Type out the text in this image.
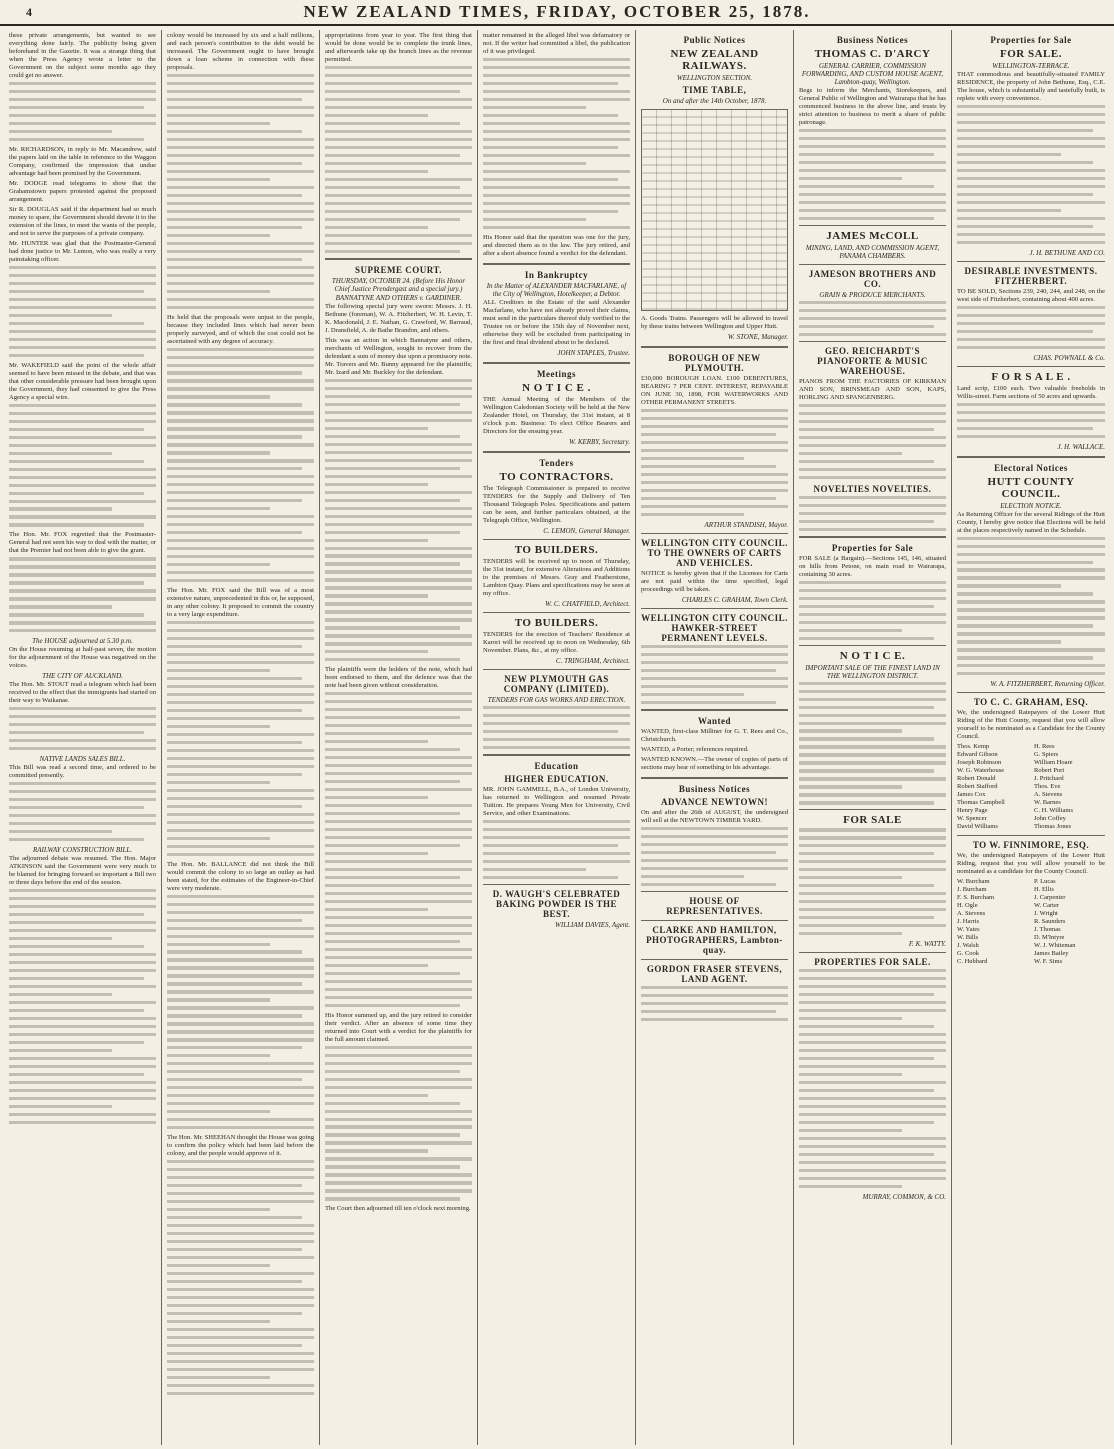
4	NEW ZEALAND TIMES, FRIDAY, OCTOBER 25, 1878.

these private arrangements, but wanted to see everything done fairly. The publicity being given beforehand in the Gazette. It was a strange thing that when the Press Agency wrote a letter to the Government on the subject some months ago they could get no answer.

Mr. RICHARDSON, in reply to Mr. Macandrew, said the papers laid on the table in reference to the Waggon Company, confirmed the impression that undue advantage had been promised by the Government.

Mr. DODGE read telegrams to show that the Grahamstown papers protested against the proposed arrangement.

Sir R. DOUGLAS said if the department had so much money to spare, the Government should devote it to the extension of the lines, to meet the wants of the people, and not to serve the purposes of a private company.

Mr. HUNTER was glad that the Postmaster-General had done justice to Mr. Lemon, who was really a very painstaking officer.

Mr. WAKEFIELD said the point of the whole affair seemed to have been missed in the debate, and that was that other considerable pressure had been brought upon the Government, they had consented to give the Press Agency a special wire.

The Hon. Mr. FOX regretted that the Postmaster-General had not seen his way to deal with the matter, or that the Premier had not been able to give the grant.

The HOUSE adjourned at 5.30 p.m.

On the House resuming at half-past seven, the motion for the adjournment of the House was negatived on the voices.

THE CITY OF AUCKLAND.

The Hon. Mr. STOUT read a telegram which had been received to the effect that the immigrants had started on their way to Waikanae.

NATIVE LANDS SALES BILL.

This Bill was read a second time, and ordered to be committed presently.

RAILWAY CONSTRUCTION BILL.

The adjourned debate was resumed. The Hon. Major ATKINSON said the Government were very much to be blamed for bringing forward so important a Bill two or three days before the end of the session.

colony would be increased by six and a half millions, and each person's contribution to the debt would be increased. The Government ought to have brought down a loan scheme in connection with these proposals.

He held that the proposals were unjust to the people, because they included lines which had never been properly surveyed, and of which the cost could not be ascertained with any degree of accuracy.

The Hon. Mr. FOX said the Bill was of a most extensive nature, unprecedented in this or, he supposed, in any other colony. It proposed to commit the country to a very large expenditure.

The Hon. Mr. BALLANCE did not think the Bill would commit the colony to so large an outlay as had been stated, for the estimates of the Engineer-in-Chief were very moderate.

The Hon. Mr. SHEEHAN thought the House was going to confirm the policy which had been laid before the colony, and the people would approve of it.

appropriations from year to year. The first thing that would be done would be to complete the trunk lines, and afterwards take up the branch lines as the revenue permitted.

SUPREME COURT.

THURSDAY, OCTOBER 24. (Before His Honor Chief Justice Prendergast and a special jury.)

BANNATYNE AND OTHERS v. GARDINER.

The following special jury were sworn: Messrs. J. H. Bethune (foreman), W. A. Fitzherbert, W. H. Levin, T. K. Macdonald, J. E. Nathan, G. Crawford, W. Barraud, J. Dransfield, A. de Bathe Brandon, and others.

This was an action in which Bannatyne and others, merchants of Wellington, sought to recover from the defendant a sum of money due upon a promissory note. Mr. Travers and Mr. Bunny appeared for the plaintiffs; Mr. Izard and Mr. Buckley for the defendant.

The plaintiffs were the holders of the note, which had been endorsed to them, and the defence was that the note had been given without consideration.

His Honor summed up, and the jury retired to consider their verdict. After an absence of some time they returned into Court with a verdict for the plaintiffs for the full amount claimed.

The Court then adjourned till ten o'clock next morning.

matter remained in the alleged libel was defamatory or not. If the writer had committed a libel, the publication of it was privileged.

His Honor said that the question was one for the jury, and directed them as to the law. The jury retired, and after a short absence found a verdict for the defendant.

In Bankruptcy

In the Matter of ALEXANDER MACFARLANE, of the City of Wellington, Hotelkeeper, a Debtor.

ALL Creditors in the Estate of the said Alexander Macfarlane, who have not already proved their claims, must send in the particulars thereof duly verified to the Trustee on or before the 15th day of November next, otherwise they will be excluded from participating in the first and final dividend about to be declared.

JOHN STAPLES, Trustee.

Meetings

N O T I C E .

THE Annual Meeting of the Members of the Wellington Caledonian Society will be held at the New Zealander Hotel, on Thursday, the 31st instant, at 8 o'clock p.m. Business: To elect Office Bearers and Directors for the ensuing year.

W. KERBY, Secretary.

Tenders

TO CONTRACTORS.

The Telegraph Commissioner is prepared to receive TENDERS for the Supply and Delivery of Ten Thousand Telegraph Poles. Specifications and pattern can be seen, and further particulars obtained, at the Telegraph Office, Wellington.

C. LEMON, General Manager.

TO BUILDERS.

TENDERS will be received up to noon of Thursday, the 31st instant, for extensive Alterations and Additions to the premises of Messrs. Gray and Featherstone, Lambton Quay. Plans and specifications may be seen at my office.

W. C. CHATFIELD, Architect.

TO BUILDERS.

TENDERS for the erection of Teachers' Residence at Karori will be received up to noon on Wednesday, 6th November. Plans, &c., at my office.

C. TRINGHAM, Architect.

NEW PLYMOUTH GAS COMPANY (LIMITED).

TENDERS FOR GAS WORKS AND ERECTION.

Education

HIGHER EDUCATION.

MR. JOHN GAMMELL, B.A., of London University, has returned to Wellington and resumed Private Tuition. He prepares Young Men for University, Civil Service, and other Examinations.

D. WAUGH'S CELEBRATED BAKING POWDER IS THE BEST.

WILLIAM DAVIES, Agent.

Public Notices

NEW ZEALAND RAILWAYS.

WELLINGTON SECTION.

TIME TABLE,

On and after the 14th October, 1878.

A. Goods Trains. Passengers will be allowed to travel by these trains between Wellington and Upper Hutt.

W. STONE, Manager.

BOROUGH OF NEW PLYMOUTH.

£30,000 BOROUGH LOAN. £100 DEBENTURES, BEARING 7 PER CENT. INTEREST, REPAYABLE ON JUNE 30, 1898, FOR WATERWORKS AND OTHER PERMANENT STREETS.

ARTHUR STANDISH, Mayor.

WELLINGTON CITY COUNCIL. TO THE OWNERS OF CARTS AND VEHICLES.

NOTICE is hereby given that if the Licenses for Carts are not paid within the time specified, legal proceedings will be taken.

CHARLES C. GRAHAM, Town Clerk.

WELLINGTON CITY COUNCIL. HAWKER-STREET PERMANENT LEVELS.

Wanted

WANTED, first-class Milliner for G. T. Rees and Co., Christchurch.

WANTED, a Porter; references required.

WANTED KNOWN.—The owner of copies of parts of sections may hear of something to his advantage.

Business Notices

ADVANCE NEWTOWN!

On and after the 26th of AUGUST, the undersigned will sell at the NEWTOWN TIMBER YARD.

HOUSE OF REPRESENTATIVES.

CLARKE AND HAMILTON, PHOTOGRAPHERS, Lambton-quay.

GORDON FRASER STEVENS, LAND AGENT.

Business Notices

THOMAS C. D'ARCY

GENERAL CARRIER, COMMISSION FORWARDING, AND CUSTOM HOUSE AGENT, Lambton-quay, Wellington.

Begs to inform the Merchants, Storekeepers, and General Public of Wellington and Wairarapa that he has commenced business in the above line, and trusts by strict attention to business to merit a share of public patronage.

JAMES McCOLL

MINING, LAND, AND COMMISSION AGENT, PANAMA CHAMBERS.

JAMESON BROTHERS AND CO.

GRAIN & PRODUCE MERCHANTS.

GEO. REICHARDT'S PIANOFORTE & MUSIC WAREHOUSE.

PIANOS FROM THE FACTORIES OF KIRKMAN AND SON, BRINSMEAD AND SON, KAPS, HORLING AND SPANGENBERG.

NOVELTIES NOVELTIES.

Properties for Sale

FOR SALE (a Bargain).—Sections 145, 146, situated on hills from Petone, on main road to Wairarapa, containing 30 acres.

N O T I C E.

IMPORTANT SALE OF THE FINEST LAND IN THE WELLINGTON DISTRICT.

FOR SALE

F. K. WATTY.

PROPERTIES FOR SALE.

MURRAY, COMMON, & CO.

Properties for Sale

FOR SALE.

WELLINGTON-TERRACE.

THAT commodious and beautifully-situated FAMILY RESIDENCE, the property of John Bethune, Esq., C.E. The house, which is substantially and tastefully built, is replete with every convenience.

J. H. BETHUNE AND CO.

DESIRABLE INVESTMENTS. FITZHERBERT.

TO BE SOLD, Sections 239, 240, 244, and 248, on the west side of Fitzherbert, containing about 400 acres.

CHAS. POWNALL & Co.

F O R S A L E .

Land scrip, £100 each. Two valuable freeholds in Willis-street. Farm sections of 50 acres and upwards.

J. H. WALLACE.

Electoral Notices

HUTT COUNTY COUNCIL.

ELECTION NOTICE.

As Returning Officer for the several Ridings of the Hutt County, I hereby give notice that Elections will be held at the places respectively named in the Schedule.

W. A. FITZHERBERT, Returning Officer.

TO C. C. GRAHAM, ESQ.

We, the undersigned Ratepayers of the Lower Hutt Riding of the Hutt County, request that you will allow yourself to be nominated as a Candidate for the County Council.

Thos. Kemp
Edward Gibson
Joseph Robinson
W. G. Waterhouse
Robert Donald
Robert Stafford
James Cox
Thomas Campbell
Henry Page
W. Spencer
David Williams
H. Rees
G. Spiers
William Hoare
Robert Port
J. Pritchard
Thos. Eve
A. Stevens
W. Barnes
C. H. Williams
John Coffey
Thomas Jones

TO W. FINNIMORE, ESQ.

We, the undersigned Ratepayers of the Lower Hutt Riding, request that you will allow yourself to be nominated as a candidate for the County Council.

W. Burcham
J. Burcham
F. S. Burcham
H. Ogle
A. Stevens
J. Harris
W. Yates
W. Bills
J. Walsh
G. Cook
C. Hubbard
P. Lucas
H. Ellis
J. Carpenter
W. Carter
J. Wright
R. Saunders
J. Thomas
D. M'Intyre
W. J. Whiteman
James Bailey
W. F. Sims
